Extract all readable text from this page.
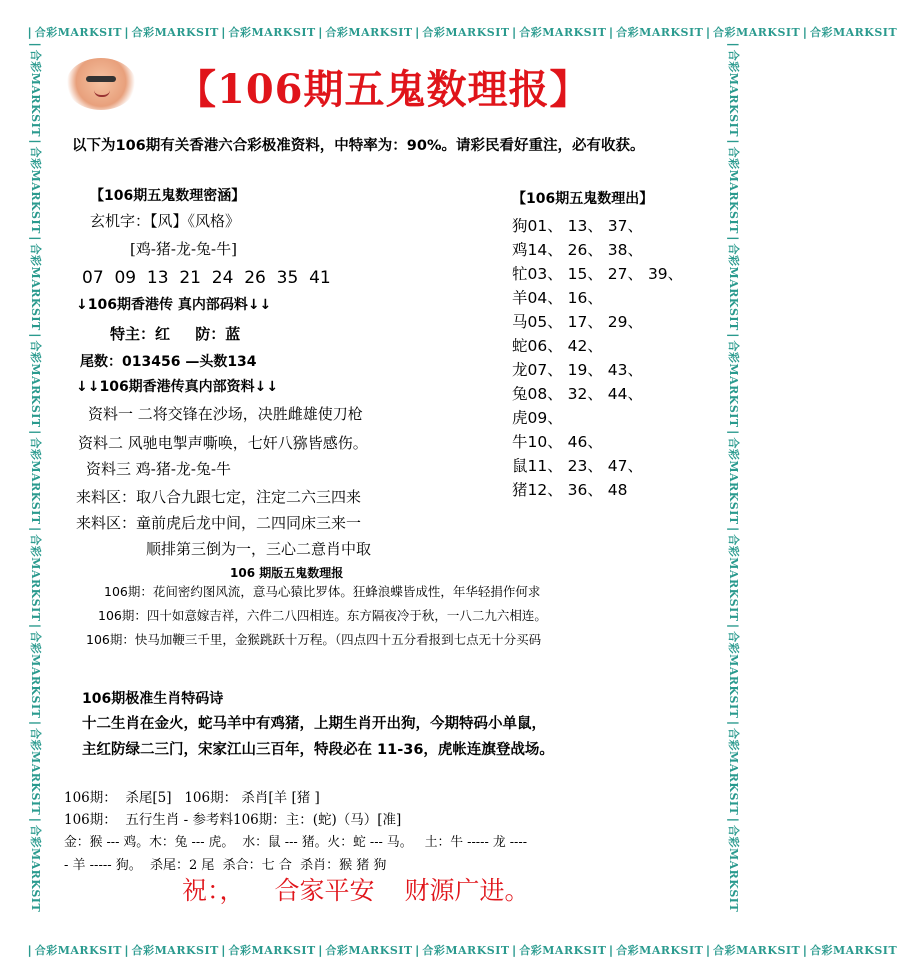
❘合彩MARKSIT❘合彩MARKSIT❘合彩MARKSIT❘合彩MARKSIT❘合彩MARKSIT❘合彩MARKSIT❘合彩MARKSIT❘合彩MARKSIT❘合彩MARKSIT
❘合彩MARKSIT❘合彩MARKSIT❘合彩MARKSIT❘合彩MARKSIT❘合彩MARKSIT❘合彩MARKSIT❘合彩MARKSIT❘合彩MARKSIT❘合彩MARKSIT
❘合彩MARKSIT❘合彩MARKSIT❘合彩MARKSIT❘合彩MARKSIT❘合彩MARKSIT❘合彩MARKSIT❘合彩MARKSIT❘合彩MARKSIT❘合彩MARKSIT	❘合彩MARKSIT❘合彩MARKSIT❘合彩MARKSIT❘合彩MARKSIT❘合彩MARKSIT❘合彩MARKSIT❘合彩MARKSIT❘合彩MARKSIT❘合彩MARKSIT
【106期五鬼数理报】
以下为106期有关香港六合彩极准资料，中特率为：90%。请彩民看好重注，必有收获。
【106期五鬼数理密涵】
玄机字：【风】《风格》
[鸡-猪-龙-兔-牛]
07  09  13  21  24  26  35  41
↓106期香港传 真内部码料↓↓
特主：红 防：蓝
尾数：013456 —头数134
↓↓106期香港传真内部资料↓↓
资料一 二将交锋在沙场，决胜雌雄使刀枪
资料二 风驰电掣声嘶唤，七奸八猕皆感伤。
资料三 鸡-猪-龙-兔-牛
来料区：取八合九跟七定，注定二六三四来
来料区：童前虎后龙中间，二四同床三来一
顺排第三倒为一，三心二意肖中取
106 期版五鬼数理报
【106期五鬼数理出】
狗01、 13、 37、
鸡14、 26、 38、
牤03、 15、 27、 39、
羊04、 16、
马05、 17、 29、
蛇06、 42、
龙07、 19、 43、
兔08、 32、 44、
虎09、
牛10、 46、
鼠11、 23、 47、
猪12、 36、 48
106期：花间密约图风流，意马心猿比罗体。狂蜂浪蝶皆成性，年华轻捐作何求
106期：四十如意嫁吉祥，六件二八四相连。东方隔夜冷于秋，一八二九六相连。
106期：快马加鞭三千里，金猴跳跃十万程。（四点四十五分看报到七点无十分买码
106期极准生肖特码诗
十二生肖在金火，蛇马羊中有鸡猪，上期生肖开出狗，今期特码小单鼠，
主红防绿二三门，宋家江山三百年，特段必在 11-36，虎帐连旗登战场。
106期：  杀尾[5]   106期： 杀肖[羊 [猪 ]
106期：  五行生肖 - 参考料106期：主：(蛇)（马）[准]
金：猴 --- 鸡。木：兔 --- 虎。  水：鼠 --- 猪。火：蛇 --- 马。   土：牛 ----- 龙 ----
- 羊 ----- 狗。  杀尾：2 尾  杀合：七 合  杀肖：猴 猪 狗
祝：， 合家平安 财源广进。
